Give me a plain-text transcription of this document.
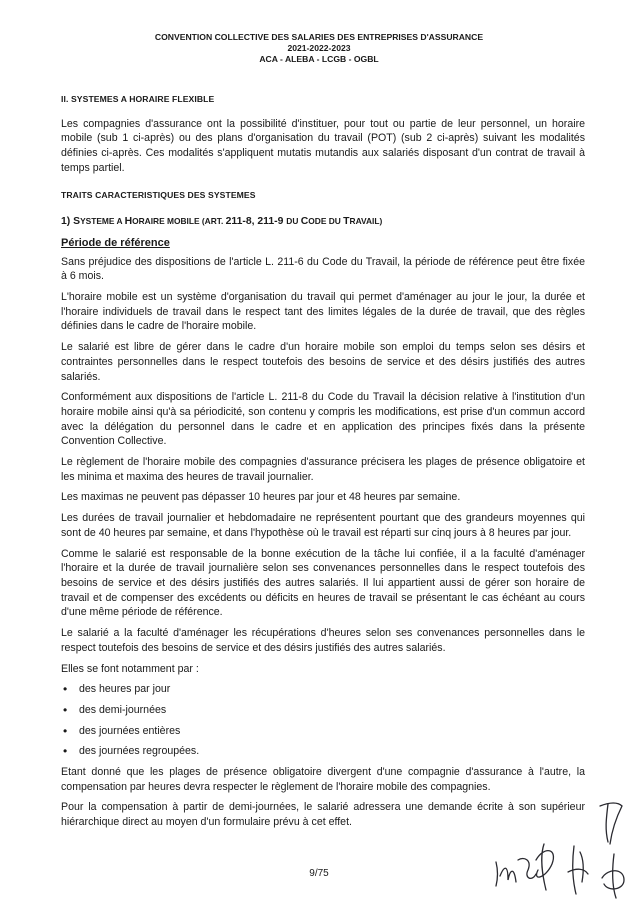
CONVENTION COLLECTIVE DES SALARIES DES ENTREPRISES D'ASSURANCE
2021-2022-2023
ACA - ALEBA - LCGB - OGBL
II. SYSTEMES A HORAIRE FLEXIBLE

Les compagnies d'assurance ont la possibilité d'instituer, pour tout ou partie de leur personnel, un horaire mobile (sub 1 ci-après) ou des plans d'organisation du travail (POT) (sub 2 ci-après) suivant les modalités définies ci-après. Ces modalités s'appliquent mutatis mutandis aux salariés disposant d'un contrat de travail à temps partiel.

TRAITS CARACTERISTIQUES DES SYSTEMES
1) SYSTEME A HORAIRE MOBILE (ART. 211-8, 211-9 DU CODE DU TRAVAIL)
Période de référence

Sans préjudice des dispositions de l'article L. 211-6 du Code du Travail, la période de référence peut être fixée à 6 mois.

L'horaire mobile est un système d'organisation du travail qui permet d'aménager au jour le jour, la durée et l'horaire individuels de travail dans le respect tant des limites légales de la durée de travail, que des règles définies dans le cadre de l'horaire mobile.

Le salarié est libre de gérer dans le cadre d'un horaire mobile son emploi du temps selon ses désirs et contraintes personnelles dans le respect toutefois des besoins de service et des désirs justifiés des autres salariés.

Conformément aux dispositions de l'article L. 211-8 du Code du Travail la décision relative à l'institution d'un horaire mobile ainsi qu'à sa périodicité, son contenu y compris les modifications, est prise d'un commun accord avec la délégation du personnel dans le cadre et en application des principes fixés dans la présente Convention Collective.

Le règlement de l'horaire mobile des compagnies d'assurance précisera les plages de présence obligatoire et les minima et maxima des heures de travail journalier.

Les maximas ne peuvent pas dépasser 10 heures par jour et 48 heures par semaine.

Les durées de travail journalier et hebdomadaire ne représentent pourtant que des grandeurs moyennes qui sont de 40 heures par semaine, et dans l'hypothèse où le travail est réparti sur cinq jours à 8 heures par jour.

Comme le salarié est responsable de la bonne exécution de la tâche lui confiée, il a la faculté d'aménager l'horaire et la durée de travail journalière selon ses convenances personnelles dans le respect toutefois des besoins de service et des désirs justifiés des autres salariés. Il lui appartient aussi de gérer son horaire de travail et de compenser des excédents ou déficits en heures de travail se présentant le cas échéant au cours d'une même période de référence.

Le salarié a la faculté d'aménager les récupérations d'heures selon ses convenances personnelles dans le respect toutefois des besoins de service et des désirs justifiés des autres salariés.

Elles se font notamment par :

• des heures par jour
• des demi-journées
• des journées entières
• des journées regroupées.

Etant donné que les plages de présence obligatoire divergent d'une compagnie d'assurance à l'autre, la compensation par heures devra respecter le règlement de l'horaire mobile des compagnies.

Pour la compensation à partir de demi-journées, le salarié adressera une demande écrite à son supérieur hiérarchique direct au moyen d'un formulaire prévu à cet effet.

9/75
